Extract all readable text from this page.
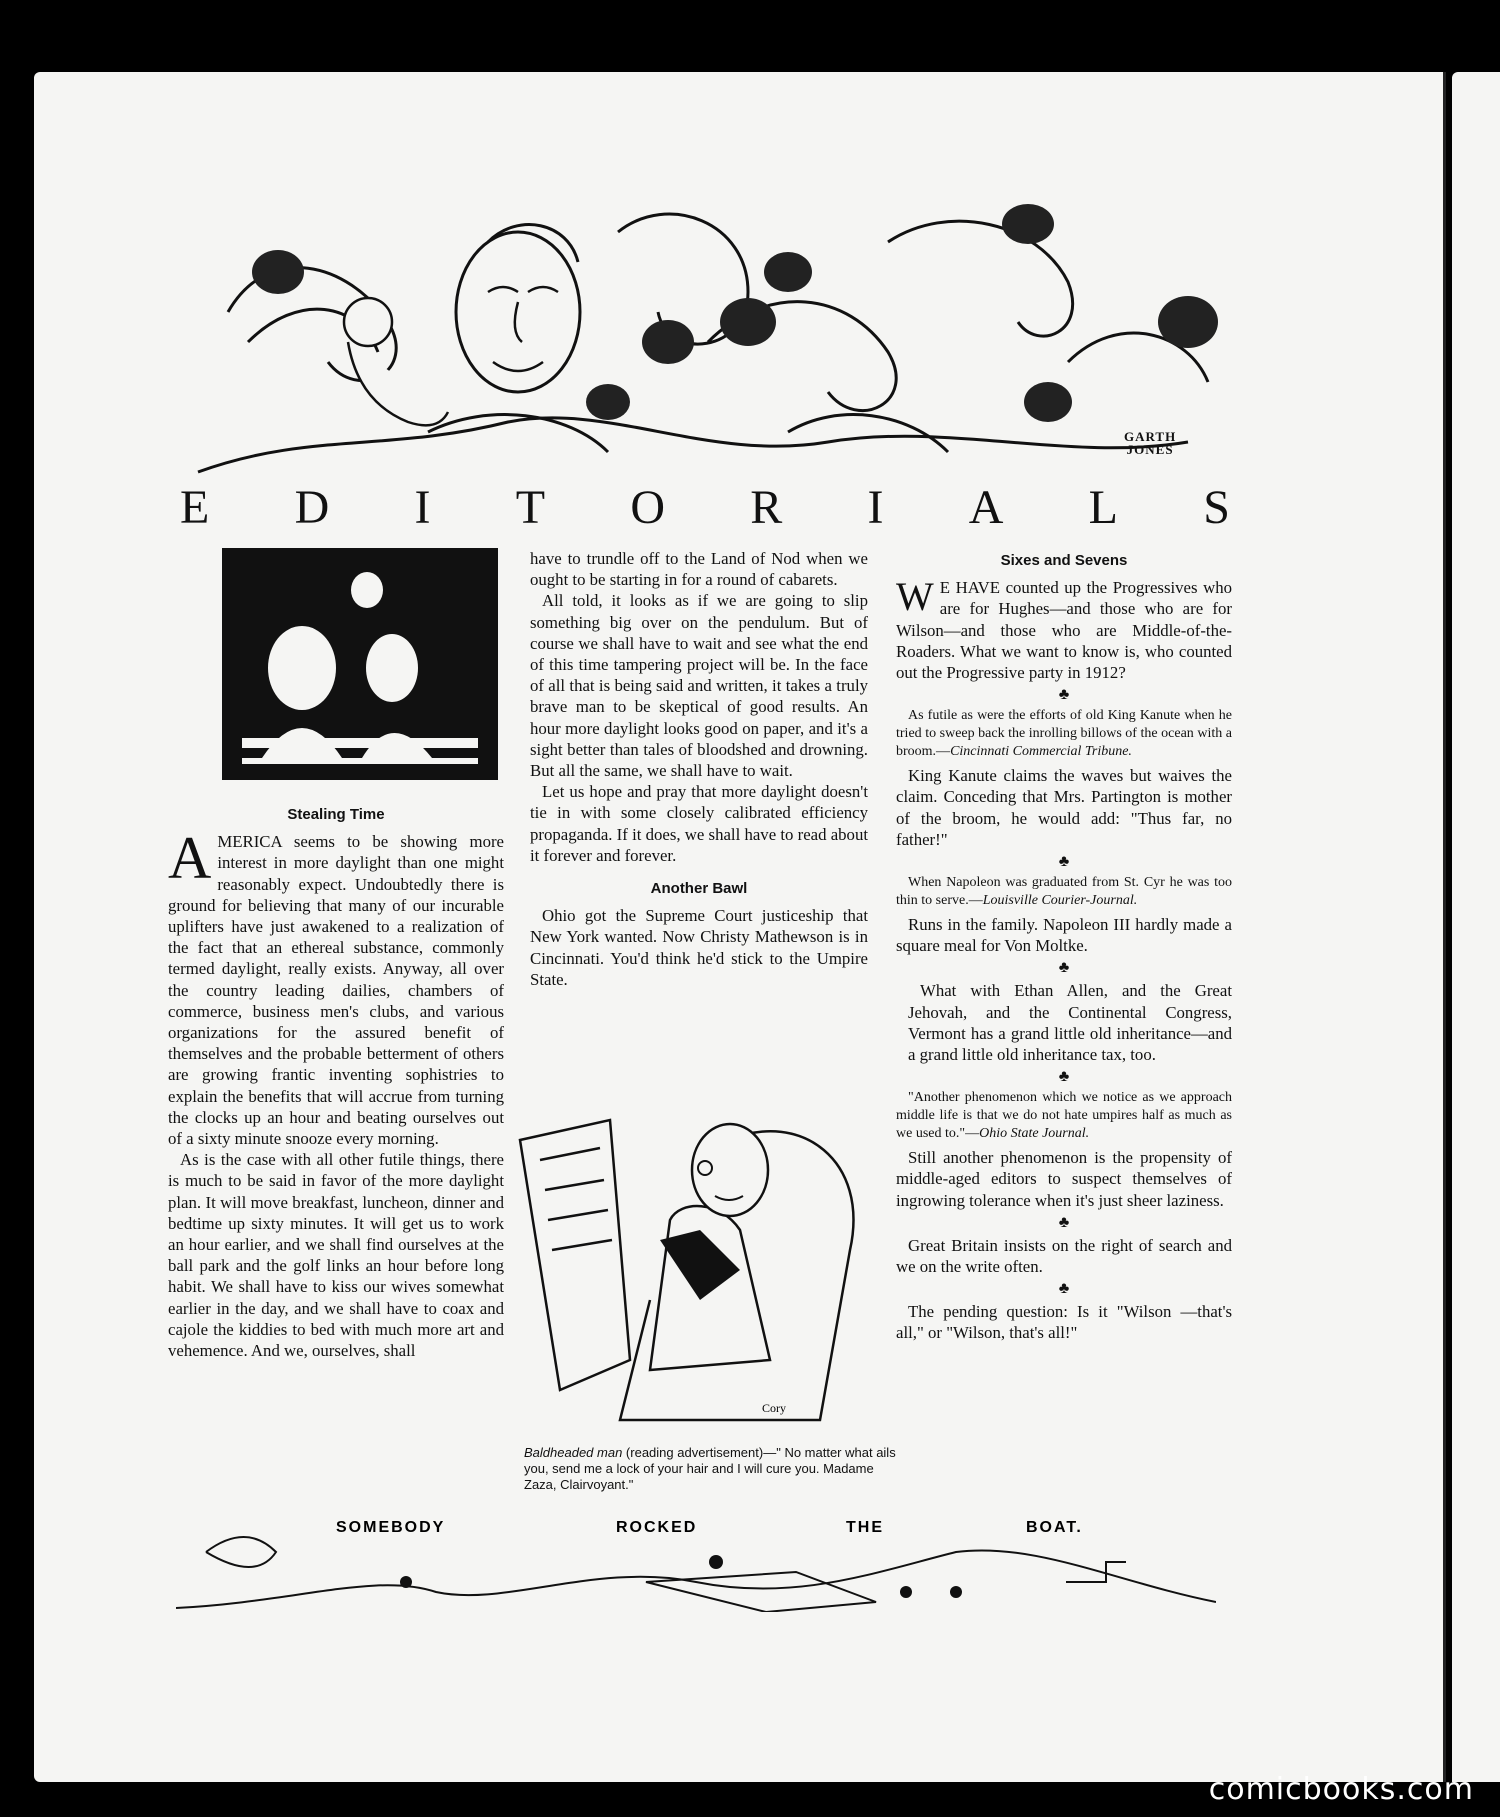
GARTH
JONES
E D I T O R I A L S
Stealing Time

AMERICA seems to be showing more interest in more daylight than one might reasonably expect. Undoubtedly there is ground for believing that many of our incurable uplifters have just awakened to a realization of the fact that an ethereal substance, commonly termed daylight, really exists. Anyway, all over the country leading dailies, chambers of commerce, business men's clubs, and various organizations for the assured benefit of themselves and the probable betterment of others are growing frantic inventing sophistries to explain the benefits that will accrue from turning the clocks up an hour and beating ourselves out of a sixty minute snooze every morning.

As is the case with all other futile things, there is much to be said in favor of the more daylight plan. It will move breakfast, luncheon, dinner and bedtime up sixty minutes. It will get us to work an hour earlier, and we shall find ourselves at the ball park and the golf links an hour before long habit. We shall have to kiss our wives somewhat earlier in the day, and we shall have to coax and cajole the kiddies to bed with much more art and vehemence. And we, ourselves, shall

have to trundle off to the Land of Nod when we ought to be starting in for a round of cabarets.

All told, it looks as if we are going to slip something big over on the pendulum. But of course we shall have to wait and see what the end of this time tampering project will be. In the face of all that is being said and written, it takes a truly brave man to be skeptical of good results. An hour more daylight looks good on paper, and it's a sight better than tales of bloodshed and drowning. But all the same, we shall have to wait.

Let us hope and pray that more daylight doesn't tie in with some closely calibrated efficiency propaganda. If it does, we shall have to read about it forever and forever.

Another Bawl

Ohio got the Supreme Court justiceship that New York wanted. Now Christy Mathewson is in Cincinnati. You'd think he'd stick to the Umpire State.

Cory
Baldheaded man (reading advertisement)—" No matter what ails you, send me a lock of your hair and I will cure you. Madame Zaza, Clairvoyant."
Sixes and Sevens

W E HAVE counted up the Progressives who are for Hughes—and those who are for Wilson—and those who are Middle-of-the-Roaders. What we want to know is, who counted out the Progressive party in 1912?

♣

As futile as were the efforts of old King Kanute when he tried to sweep back the inrolling billows of the ocean with a broom.—Cincinnati Commercial Tribune.

King Kanute claims the waves but waives the claim. Conceding that Mrs. Partington is mother of the broom, he would add: "Thus far, no father!"

♣

When Napoleon was graduated from St. Cyr he was too thin to serve.—Louisville Courier-Journal.

Runs in the family. Napoleon III hardly made a square meal for Von Moltke.

♣

What with Ethan Allen, and the Great Jehovah, and the Continental Congress, Vermont has a grand little old inheritance—and a grand little old inheritance tax, too.

♣

"Another phenomenon which we notice as we approach middle life is that we do not hate umpires half as much as we used to."—Ohio State Journal.

Still another phenomenon is the propensity of middle-aged editors to suspect themselves of ingrowing tolerance when it's just sheer laziness.

♣

Great Britain insists on the right of search and we on the write often.

♣

The pending question: Is it "Wilson —that's all," or "Wilson, that's all!"

SOMEBODY	ROCKED	THE	BOAT.
comicbooks.com
